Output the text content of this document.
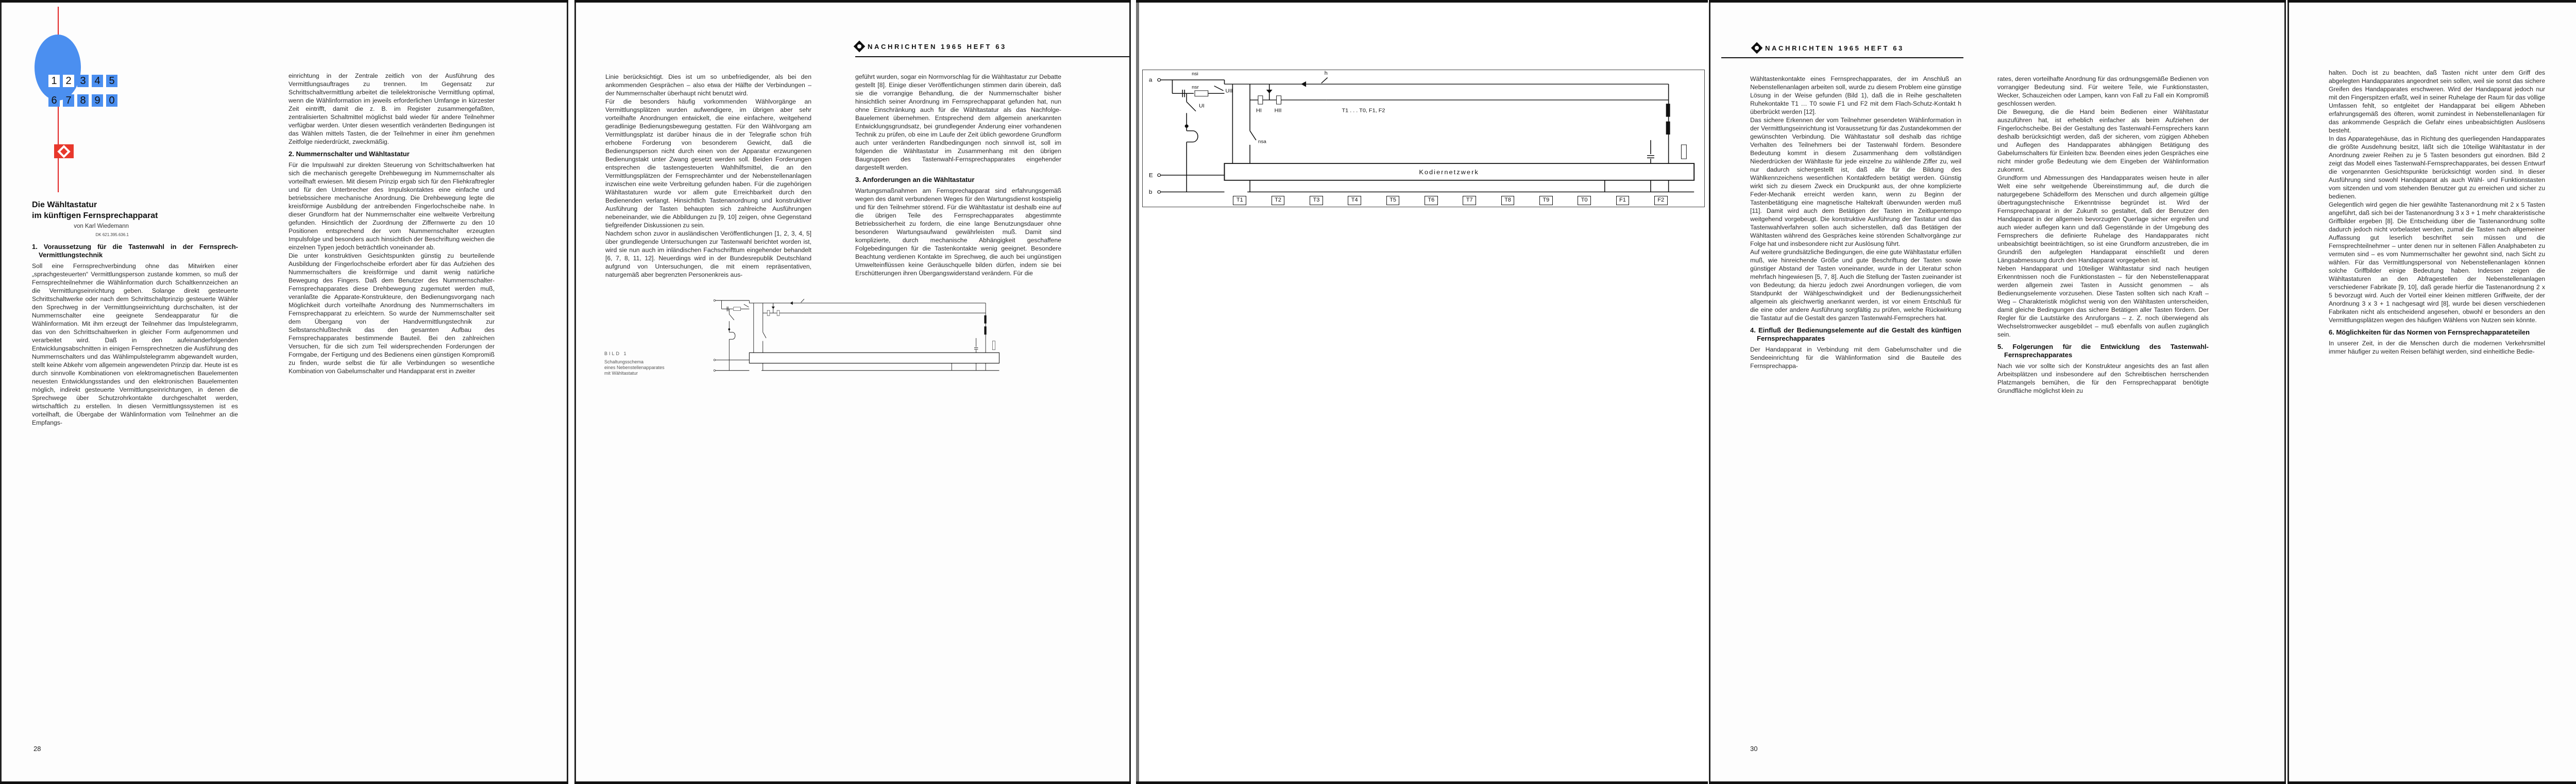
1 2 3 4 5
6 7 8 9 0
Die Wähltastatur
im künftigen Fernsprechapparat
von Karl Wiedemann
DK 621.395.636.1
1. Voraussetzung für die Tastenwahl in der Fernsprech-Vermittlungstechnik

Soll eine Fernsprechverbindung ohne das Mitwirken einer „sprachgesteuerten“ Vermittlungsperson zustande kommen, so muß der Fernsprechteilnehmer die Wählinformation durch Schaltkennzeichen an die Vermittlungseinrichtung geben. Solange direkt gesteuerte Schrittschaltwerke oder nach dem Schrittschaltprinzip gesteuerte Wähler den Sprechweg in der Vermittlungseinrichtung durchschalten, ist der Nummernschalter eine geeignete Sendeapparatur für die Wählinformation. Mit ihm erzeugt der Teilnehmer das Impulstelegramm, das von den Schrittschaltwerken in gleicher Form aufgenommen und verarbeitet wird. Daß in den aufeinanderfolgenden Entwicklungsabschnitten in einigen Fernsprechnetzen die Ausführung des Nummernschalters und das Wählimpulstelegramm abgewandelt wurden, stellt keine Abkehr vom allgemein angewendeten Prinzip dar. Heute ist es durch sinnvolle Kombinationen von elektromagnetischen Bauelementen neuesten Entwicklungsstandes und den elektronischen Bauelementen möglich, indirekt gesteuerte Vermittlungseinrichtungen, in denen die Sprechwege über Schutzrohrkontakte durchgeschaltet werden, wirtschaftlich zu erstellen. In diesen Vermittlungssystemen ist es vorteilhaft, die Übergabe der Wählinformation vom Teilnehmer an die Empfangs-

einrichtung in der Zentrale zeitlich von der Ausführung des Vermittlungsauftrages zu trennen. Im Gegensatz zur Schrittschaltvermittlung arbeitet die teilelektronische Vermittlung optimal, wenn die Wählinformation im jeweils erforderlichen Umfange in kürzester Zeit eintrifft, damit die z. B. im Register zusammengefaßten, zentralisierten Schaltmittel möglichst bald wieder für andere Teilnehmer verfügbar werden. Unter diesen wesentlich veränderten Bedingungen ist das Wählen mittels Tasten, die der Teilnehmer in einer ihm genehmen Zeitfolge niederdrückt, zweckmäßig.

2. Nummernschalter und Wähltastatur

Für die Impulswahl zur direkten Steuerung von Schrittschaltwerken hat sich die mechanisch geregelte Drehbewegung im Nummernschalter als vorteilhaft erwiesen. Mit diesem Prinzip ergab sich für den Fliehkraftregler und für den Unterbrecher des Impulskontaktes eine einfache und betriebssichere mechanische Anordnung. Die Drehbewegung legte die kreisförmige Ausbildung der antreibenden Fingerlochscheibe nahe. In dieser Grundform hat der Nummernschalter eine weltweite Verbreitung gefunden. Hinsichtlich der Zuordnung der Ziffernwerte zu den 10 Positionen entsprechend der vom Nummernschalter erzeugten Impulsfolge und besonders auch hinsichtlich der Beschriftung weichen die einzelnen Typen jedoch beträchtlich voneinander ab.

Die unter konstruktiven Gesichtspunkten günstig zu beurteilende Ausbildung der Fingerlochscheibe erfordert aber für das Aufziehen des Nummernschalters die kreisförmige und damit wenig natürliche Bewegung des Fingers. Daß dem Benutzer des Nummernschalter-Fernsprechapparates diese Drehbewegung zugemutet werden muß, veranlaßte die Apparate-Konstrukteure, den Bedienungsvorgang nach Möglichkeit durch vorteilhafte Anordnung des Nummernschalters im Fernsprechapparat zu erleichtern. So wurde der Nummernschalter seit dem Übergang von der Handvermittlungstechnik zur Selbstanschlußtechnik das den gesamten Aufbau des Fernsprechapparates bestimmende Bauteil. Bei den zahlreichen Versuchen, für die sich zum Teil widersprechenden Forderungen der Formgabe, der Fertigung und des Bedienens einen günstigen Kompromiß zu finden, wurde selbst die für alle Verbindungen so wesentliche Kombination von Gabelumschalter und Handapparat erst in zweiter

28
NACHRICHTEN 1965 HEFT 63

Linie berücksichtigt. Dies ist um so unbefriedigender, als bei den ankommenden Gesprächen – also etwa der Hälfte der Verbindungen – der Nummernschalter überhaupt nicht benutzt wird.

Für die besonders häufig vorkommenden Wählvorgänge an Vermittlungsplätzen wurden aufwendigere, im übrigen aber sehr vorteilhafte Anordnungen entwickelt, die eine einfachere, weitgehend geradlinige Bedienungsbewegung gestatten. Für den Wählvorgang am Vermittlungsplatz ist darüber hinaus die in der Telegrafie schon früh erhobene Forderung von besonderem Gewicht, daß die Bedienungsperson nicht durch einen von der Apparatur erzwungenen Bedienungstakt unter Zwang gesetzt werden soll. Beiden Forderungen entsprechen die tastengesteuerten Wahlhilfsmittel, die an den Vermittlungsplätzen der Fernsprechämter und der Nebenstellenanlagen inzwischen eine weite Verbreitung gefunden haben. Für die zugehörigen Wähltastaturen wurde vor allem gute Erreichbarkeit durch den Bedienenden verlangt. Hinsichtlich Tastenanordnung und konstruktiver Ausführung der Tasten behaupten sich zahlreiche Ausführungen nebeneinander, wie die Abbildungen zu [9, 10] zeigen, ohne Gegenstand tiefgreifender Diskussionen zu sein.

Nachdem schon zuvor in ausländischen Veröffentlichungen [1, 2, 3, 4, 5] über grundlegende Untersuchungen zur Tastenwahl berichtet worden ist, wird sie nun auch im inländischen Fachschrifttum eingehender behandelt [6, 7, 8, 11, 12]. Neuerdings wird in der Bundesrepublik Deutschland aufgrund von Untersuchungen, die mit einem repräsentativen, naturgemäß aber begrenzten Personenkreis aus-

geführt wurden, sogar ein Normvorschlag für die Wähltastatur zur Debatte gestellt [8]. Einige dieser Veröffentlichungen stimmen darin überein, daß sie die vorrangige Behandlung, die der Nummernschalter bisher hinsichtlich seiner Anordnung im Fernsprechapparat gefunden hat, nun ohne Einschränkung auch für die Wähltastatur als das Nachfolge-Bauelement übernehmen. Entsprechend dem allgemein anerkannten Entwicklungsgrundsatz, bei grundlegender Änderung einer vorhandenen Technik zu prüfen, ob eine im Laufe der Zeit üblich gewordene Grundform auch unter veränderten Randbedingungen noch sinnvoll ist, soll im folgenden die Wähltastatur im Zusammenhang mit den übrigen Baugruppen des Tastenwahl-Fernsprechapparates eingehender dargestellt werden.

3. Anforderungen an die Wähltastatur

Wartungsmaßnahmen am Fernsprechapparat sind erfahrungsgemäß wegen des damit verbundenen Weges für den Wartungsdienst kostspielig und für den Teilnehmer störend. Für die Wähltastatur ist deshalb eine auf die übrigen Teile des Fernsprechapparates abgestimmte Betriebssicherheit zu fordern, die eine lange Benutzungsdauer ohne besonderen Wartungsaufwand gewährleisten muß. Damit sind komplizierte, durch mechanische Abhängigkeit geschaffene Folgebedingungen für die Tastenkontakte wenig geeignet. Besondere Beachtung verdienen Kontakte im Sprechweg, die auch bei ungünstigen Umwelteinflüssen keine Geräuschquelle bilden dürfen, indem sie bei Erschütterungen ihren Übergangswiderstand verändern. Für die

BILD 1
Schaltungsschema
eines Nebenstellenapparates
mit Wähltastatur
a
b
E
UI
nsi
nsr
UII
nsa
HI HII	T1 . . . T0, F1, F2
h
Kodiernetzwerk
T1	T2	T3	T4	T5	T6	T7	T8	T9	T0	F1	F2
NACHRICHTEN 1965 HEFT 63

Wähltastenkontakte eines Fernsprechapparates, der im Anschluß an Nebenstellenanlagen arbeiten soll, wurde zu diesem Problem eine günstige Lösung in der Weise gefunden (Bild 1), daß die in Reihe geschalteten Ruhekontakte T1 … T0 sowie F1 und F2 mit dem Flach-Schutz-Kontakt h überbrückt werden [12].

Das sichere Erkennen der vom Teilnehmer gesendeten Wählinformation in der Vermittlungseinrichtung ist Voraussetzung für das Zustandekommen der gewünschten Verbindung. Die Wähltastatur soll deshalb das richtige Verhalten des Teilnehmers bei der Tastenwahl fördern. Besondere Bedeutung kommt in diesem Zusammenhang dem vollständigen Niederdrücken der Wähltaste für jede einzelne zu wählende Ziffer zu, weil nur dadurch sichergestellt ist, daß alle für die Bildung des Wählkennzeichens wesentlichen Kontaktfedern betätigt werden. Günstig wirkt sich zu diesem Zweck ein Druckpunkt aus, der ohne komplizierte Feder-Mechanik erreicht werden kann, wenn zu Beginn der Tastenbetätigung eine magnetische Haltekraft überwunden werden muß [11]. Damit wird auch dem Betätigen der Tasten im Zeitlupentempo weitgehend vorgebeugt. Die konstruktive Ausführung der Tastatur und das Tastenwahlverfahren sollen auch sicherstellen, daß das Betätigen der Wähltasten während des Gespräches keine störenden Schaltvorgänge zur Folge hat und insbesondere nicht zur Auslösung führt.

Auf weitere grundsätzliche Bedingungen, die eine gute Wähltastatur erfüllen muß, wie hinreichende Größe und gute Beschriftung der Tasten sowie günstiger Abstand der Tasten voneinander, wurde in der Literatur schon mehrfach hingewiesen [5, 7, 8]. Auch die Stellung der Tasten zueinander ist von Bedeutung; da hierzu jedoch zwei Anordnungen vorliegen, die vom Standpunkt der Wählgeschwindigkeit und der Bedienungssicherheit allgemein als gleichwertig anerkannt werden, ist vor einem Entschluß für die eine oder andere Ausführung sorgfältig zu prüfen, welche Rückwirkung die Tastatur auf die Gestalt des ganzen Tastenwahl-Fernsprechers hat.

4. Einfluß der Bedienungselemente auf die Gestalt des künftigen Fernsprechapparates

Der Handapparat in Verbindung mit dem Gabelumschalter und die Sendeeinrichtung für die Wählinformation sind die Bauteile des Fernsprechappa-

rates, deren vorteilhafte Anordnung für das ordnungsgemäße Bedienen von vorrangiger Bedeutung sind. Für weitere Teile, wie Funktionstasten, Wecker, Schauzeichen oder Lampen, kann von Fall zu Fall ein Kompromiß geschlossen werden.

Die Bewegung, die die Hand beim Bedienen einer Wähltastatur auszuführen hat, ist erheblich einfacher als beim Aufziehen der Fingerlochscheibe. Bei der Gestaltung des Tastenwahl-Fernsprechers kann deshalb berücksichtigt werden, daß der sicheren, vom zügigen Abheben und Auflegen des Handapparates abhängigen Betätigung des Gabelumschalters für Einleiten bzw. Beenden eines jeden Gespräches eine nicht minder große Bedeutung wie dem Eingeben der Wählinformation zukommt.

Grundform und Abmessungen des Handapparates weisen heute in aller Welt eine sehr weitgehende Übereinstimmung auf, die durch die naturgegebene Schädelform des Menschen und durch allgemein gültige übertragungstechnische Erkenntnisse begründet ist. Wird der Fernsprechapparat in der Zukunft so gestaltet, daß der Benutzer den Handapparat in der allgemein bevorzugten Querlage sicher ergreifen und auch wieder auflegen kann und daß Gegenstände in der Umgebung des Fernsprechers die definierte Ruhelage des Handapparates nicht unbeabsichtigt beeinträchtigen, so ist eine Grundform anzustreben, die im Grundriß den aufgelegten Handapparat einschließt und deren Längsabmessung durch den Handapparat vorgegeben ist.

Neben Handapparat und 10teiliger Wähltastatur sind nach heutigen Erkenntnissen noch die Funktionstasten – für den Nebenstellenapparat werden allgemein zwei Tasten in Aussicht genommen – als Bedienungselemente vorzusehen. Diese Tasten sollten sich nach Kraft – Weg – Charakteristik möglichst wenig von den Wähltasten unterscheiden, damit gleiche Bedingungen das sichere Betätigen aller Tasten fördern. Der Regler für die Lautstärke des Anruforgans – z. Z. noch überwiegend als Wechselstromwecker ausgebildet – muß ebenfalls von außen zugänglich sein.

5. Folgerungen für die Entwicklung des Tastenwahl-Fernsprechapparates

Nach wie vor sollte sich der Konstrukteur angesichts des an fast allen Arbeitsplätzen und insbesondere auf den Schreibtischen herrschenden Platzmangels bemühen, die für den Fernsprechapparat benötigte Grundfläche möglichst klein zu

30

halten. Doch ist zu beachten, daß Tasten nicht unter dem Griff des abgelegten Handapparates angeordnet sein sollen, weil sie sonst das sichere Greifen des Handapparates erschweren. Wird der Handapparat jedoch nur mit den Fingerspitzen erfaßt, weil in seiner Ruhelage der Raum für das völlige Umfassen fehlt, so entgleitet der Handapparat bei eiligem Abheben erfahrungsgemäß des öfteren, womit zumindest in Nebenstellenanlagen für das ankommende Gespräch die Gefahr eines unbeabsichtigten Auslösens besteht.

In das Apparategehäuse, das in Richtung des querliegenden Handapparates die größte Ausdehnung besitzt, läßt sich die 10teilige Wähltastatur in der Anordnung zweier Reihen zu je 5 Tasten besonders gut einordnen. Bild 2 zeigt das Modell eines Tastenwahl-Fernsprechapparates, bei dessen Entwurf die vorgenannten Gesichtspunkte berücksichtigt worden sind. In dieser Ausführung sind sowohl Handapparat als auch Wähl- und Funktionstasten vom sitzenden und vom stehenden Benutzer gut zu erreichen und sicher zu bedienen.

Gelegentlich wird gegen die hier gewählte Tastenanordnung mit 2 x 5 Tasten angeführt, daß sich bei der Tastenanordnung 3 x 3 + 1 mehr charakteristische Griffbilder ergeben [8]. Die Entscheidung über die Tastenanordnung sollte dadurch jedoch nicht vorbelastet werden, zumal die Tasten nach allgemeiner Auffassung gut leserlich beschriftet sein müssen und die Fernsprechteilnehmer – unter denen nur in seltenen Fällen Analphabeten zu vermuten sind – es vom Nummernschalter her gewohnt sind, nach Sicht zu wählen. Für das Vermittlungspersonal von Nebenstellenanlagen können solche Griffbilder einige Bedeutung haben. Indessen zeigen die Wähltastaturen an den Abfragestellen der Nebenstellenanlagen verschiedener Fabrikate [9, 10], daß gerade hierfür die Tastenanordnung 2 x 5 bevorzugt wird. Auch der Vorteil einer kleinen mittleren Griffweite, der der Anordnung 3 x 3 + 1 nachgesagt wird [8], wurde bei diesen verschiedenen Fabrikaten nicht als entscheidend angesehen, obwohl er besonders an den Vermittlungsplätzen wegen des häufigen Wählens von Nutzen sein könnte.

6. Möglichkeiten für das Normen von Fernsprechapparateteilen

In unserer Zeit, in der die Menschen durch die modernen Verkehrsmittel immer häufiger zu weiten Reisen befähigt werden, sind einheitliche Bedie-
